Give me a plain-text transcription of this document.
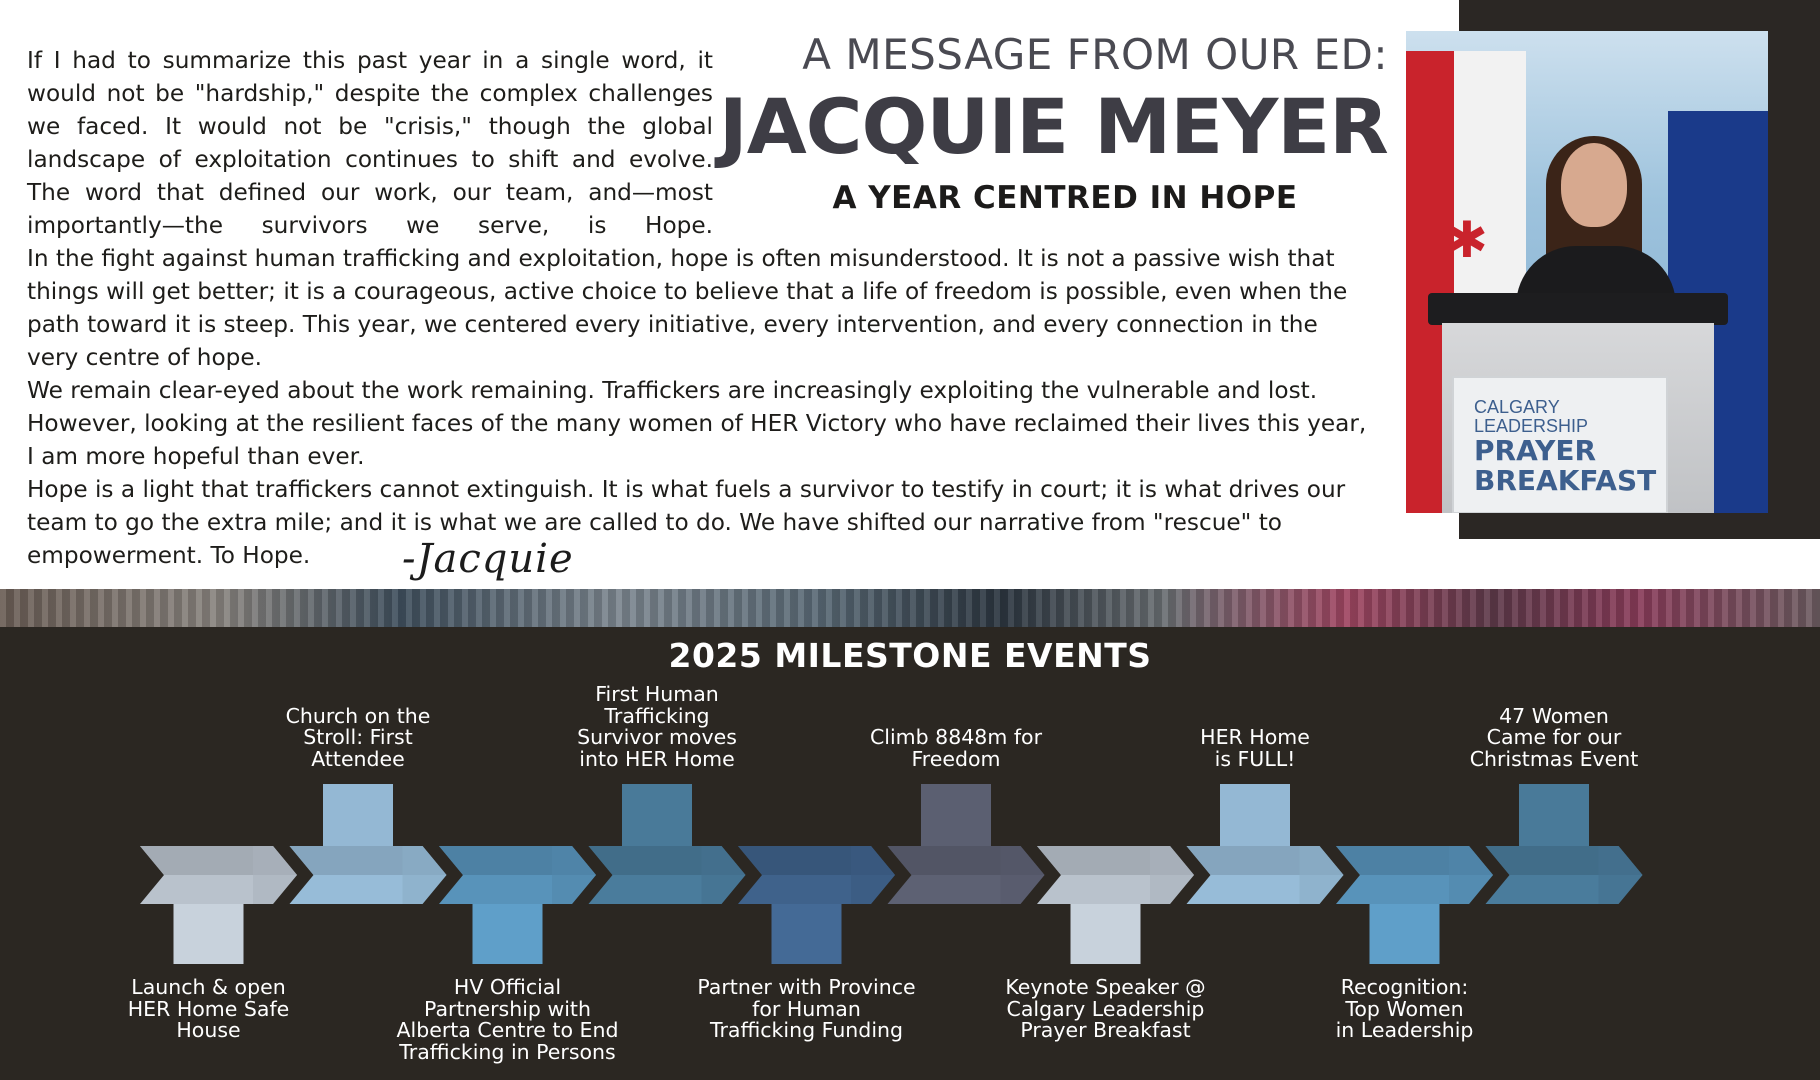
If I had to summarize this past year in a single word, it
would not be "hardship," despite the complex challenges
we faced. It would not be "crisis," though the global
landscape of exploitation continues to shift and evolve.
The word that defined our work, our team, and—most
importantly—the survivors we serve, is Hope.

In the fight against human trafficking and exploitation, hope is often misunderstood. It is not a passive wish that things will get better; it is a courageous, active choice to believe that a life of freedom is possible, even when the path toward it is steep. This year, we centered every initiative, every intervention, and every connection in the very centre of hope.

We remain clear-eyed about the work remaining. Traffickers are increasingly exploiting the vulnerable and lost. However, looking at the resilient faces of the many women of HER Victory who have reclaimed their lives this year, I am more hopeful than ever.

Hope is a light that traffickers cannot extinguish. It is what fuels a survivor to testify in court; it is what drives our team to go the extra mile; and it is what we are called to do. We have shifted our narrative from "rescue" to empowerment. To Hope.	-Jacquie
A MESSAGE FROM OUR ED:
JACQUIE MEYER
A YEAR CENTRED IN HOPE
✱
CALGARY
LEADERSHIP
PRAYER
BREAKFAST
2025 MILESTONE EVENTS

Launch & open

HER Home Safe

House

Church on the

Stroll: First

Attendee

HV Official

Partnership with

Alberta Centre to End

Trafficking in Persons

First Human

Trafficking

Survivor moves

into HER Home

Partner with Province

for Human

Trafficking Funding

Climb 8848m for

Freedom

Keynote Speaker @

Calgary Leadership

Prayer Breakfast

HER Home

is FULL!

Recognition:

Top Women

in Leadership

47 Women

Came for our

Christmas Event
